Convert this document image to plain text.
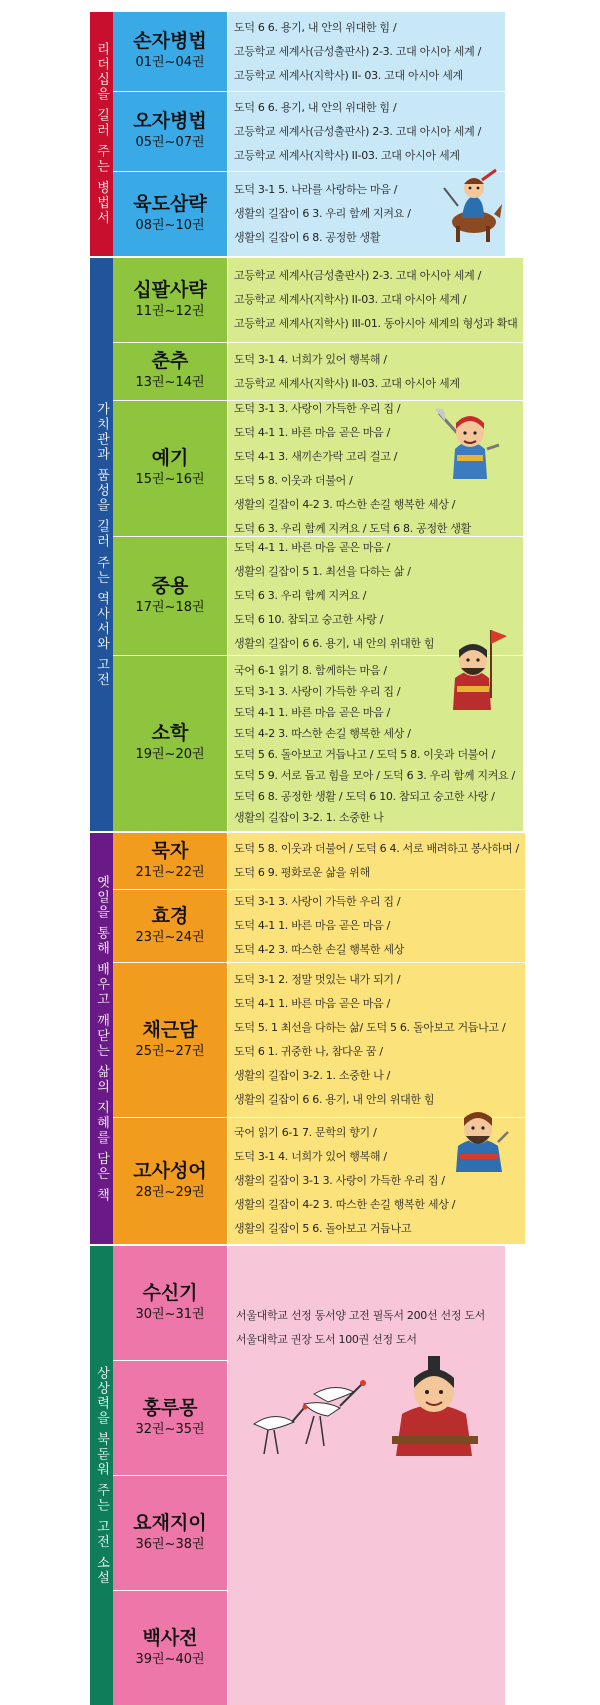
리더십을 길러 주는 병법서
손자병법
01권~04권
도덕 6 6. 용기, 내 안의 위대한 힘 /
고등학교 세계사(금성출판사) 2-3. 고대 아시아 세계 /
고등학교 세계사(지학사) II- 03. 고대 아시아 세계
오자병법
05권~07권
도덕 6 6. 용기, 내 안의 위대한 힘 /
고등학교 세계사(금성출판사) 2-3. 고대 아시아 세계 /
고등학교 세계사(지학사) II-03. 고대 아시아 세계
육도삼략
08권~10권
도덕 3-1 5. 나라를 사랑하는 마음 /
생활의 길잡이 6 3. 우리 함께 지켜요 /
생활의 길잡이 6 8. 공정한 생활
가치관과 품성을 길러 주는 역사서와 고전
십팔사략
11권~12권
고등학교 세계사(금성출판사) 2-3. 고대 아시아 세계 /
고등학교 세계사(지학사) II-03. 고대 아시아 세계 /
고등학교 세계사(지학사) III-01. 동아시아 세계의 형성과 확대
춘추
13권~14권
도덕 3-1 4. 너희가 있어 행복해 /
고등학교 세계사(지학사) II-03. 고대 아시아 세계
예기
15권~16권
도덕 3-1 3. 사랑이 가득한 우리 집 /
도덕 4-1 1. 바른 마음 곧은 마음 /
도덕 4-1 3. 새끼손가락 고리 걸고 /
도덕 5 8. 이웃과 더불어 /
생활의 길잡이 4-2 3. 따스한 손길 행복한 세상 /
도덕 6 3. 우리 함께 지켜요 / 도덕 6 8. 공정한 생활
중용
17권~18권
도덕 4-1 1. 바른 마음 곧은 마음 /
생활의 길잡이 5 1. 최선을 다하는 삶 /
도덕 6 3. 우리 함께 지켜요 /
도덕 6 10. 참되고 숭고한 사랑 /
생활의 길잡이 6 6. 용기, 내 안의 위대한 힘
소학
19권~20권
국어 6-1 읽기 8. 함께하는 마음 /
도덕 3-1 3. 사랑이 가득한 우리 집 /
도덕 4-1 1. 바른 마음 곧은 마음 /
도덕 4-2 3. 따스한 손길 행복한 세상 /
도덕 5 6. 돌아보고 거듭나고 / 도덕 5 8. 이웃과 더불어 /
도덕 5 9. 서로 돕고 힘을 모아 / 도덕 6 3. 우리 함께 지켜요 /
도덕 6 8. 공정한 생활 / 도덕 6 10. 참되고 숭고한 사랑 /
생활의 길잡이 3-2. 1. 소중한 나
옛일을 통해 배우고 깨닫는 삶의 지혜를 담은 책
묵자
21권~22권
도덕 5 8. 이웃과 더불어 / 도덕 6 4. 서로 배려하고 봉사하며 /
도덕 6 9. 평화로운 삶을 위해
효경
23권~24권
도덕 3-1 3. 사랑이 가득한 우리 집 /
도덕 4-1 1. 바른 마음 곧은 마음 /
도덕 4-2 3. 따스한 손길 행복한 세상
채근담
25권~27권
도덕 3-1 2. 정말 멋있는 내가 되기 /
도덕 4-1 1. 바른 마음 곧은 마음 /
도덕 5. 1 최선을 다하는 삶/ 도덕 5 6. 돌아보고 거듭나고 /
도덕 6 1. 귀중한 나, 참다운 꿈 /
생활의 길잡이 3-2. 1. 소중한 나 /
생활의 길잡이 6 6. 용기, 내 안의 위대한 힘
고사성어
28권~29권
국어 읽기 6-1 7. 문학의 향기 /
도덕 3-1 4. 너희가 있어 행복해 /
생활의 길잡이 3-1 3. 사랑이 가득한 우리 집 /
생활의 길잡이 4-2 3. 따스한 손길 행복한 세상 /
생활의 길잡이 5 6. 돌아보고 거듭나고
상상력을 북돋워 주는 고전 소설
수신기
30권~31권
홍루몽
32권~35권
요재지이
36권~38권
백사전
39권~40권
서울대학교 선정 동서양 고전 필독서 200선 선정 도서
서울대학교 권장 도서 100권 선정 도서
